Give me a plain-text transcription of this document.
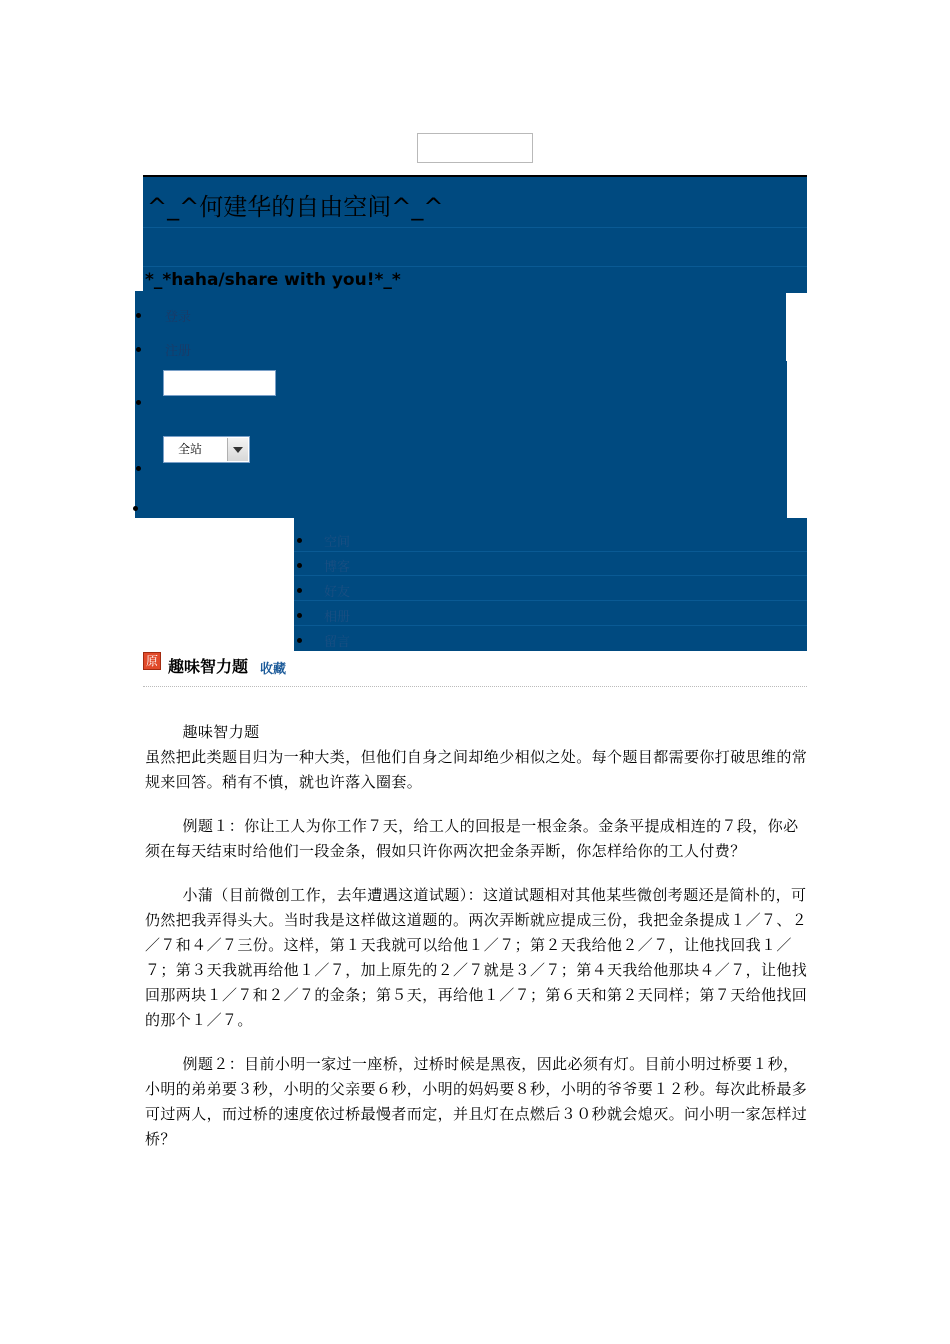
^_^何建华的自由空间^_^
*_*haha/share with you!*_*
登录
注册
全站
空间
博客
好友
相册
留言
原 趣味智力题 收藏

趣味智力题

虽然把此类题目归为一种大类，但他们自身之间却绝少相似之处。每个题目都需要你打破思维的常规来回答。稍有不慎，就也许落入圈套。

例题１：你让工人为你工作７天，给工人的回报是一根金条。金条平提成相连的７段，你必须在每天结束时给他们一段金条，假如只许你两次把金条弄断，你怎样给你的工人付费？

小蒲（目前微创工作，去年遭遇这道试题）：这道试题相对其他某些微创考题还是简朴的，可仍然把我弄得头大。当时我是这样做这道题的。两次弄断就应提成三份，我把金条提成１／７、２／７和４／７三份。这样，第１天我就可以给他１／７；第２天我给他２／７，让他找回我１／７；第３天我就再给他１／７，加上原先的２／７就是３／７；第４天我给他那块４／７，让他找回那两块１／７和２／７的金条；第５天，再给他１／７；第６天和第２天同样；第７天给他找回的那个１／７。

例题２：目前小明一家过一座桥，过桥时候是黑夜，因此必须有灯。目前小明过桥要１秒，小明的弟弟要３秒，小明的父亲要６秒，小明的妈妈要８秒，小明的爷爷要１２秒。每次此桥最多可过两人，而过桥的速度依过桥最慢者而定，并且灯在点燃后３０秒就会熄灭。问小明一家怎样过桥？
